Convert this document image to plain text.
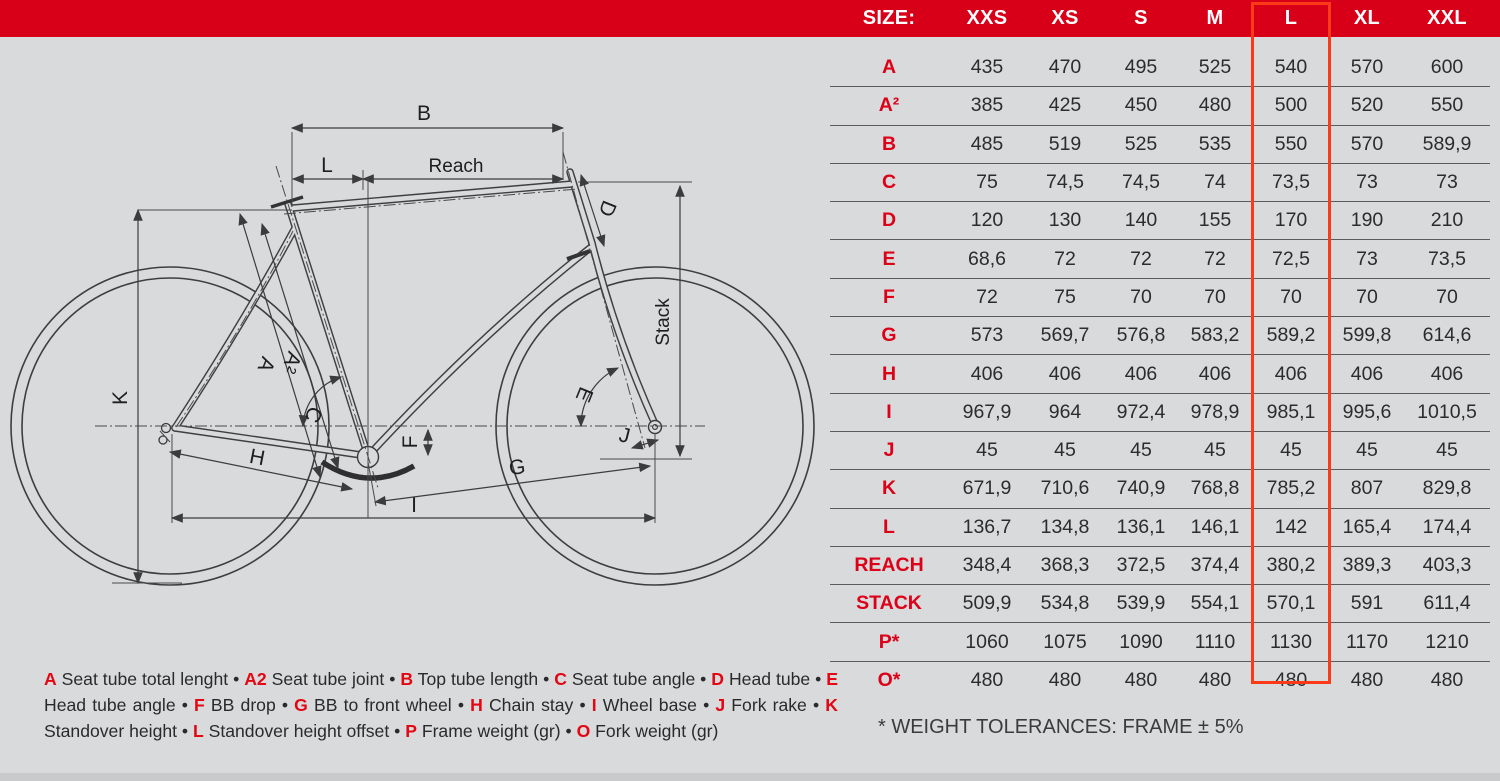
B
L	Reach
D
Stack
K
A
A²
C
E
F	J
H	G
I
SIZE:	XXS	XS	S	M	L	XL	XXL
A	435	470	495	525	540	570	600
A²	385	425	450	480	500	520	550
B	485	519	525	535	550	570	589,9
C	75	74,5	74,5	74	73,5	73	73
D	120	130	140	155	170	190	210
E	68,6	72	72	72	72,5	73	73,5
F	72	75	70	70	70	70	70
G	573	569,7	576,8	583,2	589,2	599,8	614,6
H	406	406	406	406	406	406	406
I	967,9	964	972,4	978,9	985,1	995,6	1010,5
J	45	45	45	45	45	45	45
K	671,9	710,6	740,9	768,8	785,2	807	829,8
L	136,7	134,8	136,1	146,1	142	165,4	174,4
REACH	348,4	368,3	372,5	374,4	380,2	389,3	403,3
STACK	509,9	534,8	539,9	554,1	570,1	591	611,4
P*	1060	1075	1090	1110	1130	1170	1210
O*	480	480	480	480	480	480	480
A Seat tube total lenght • A2 Seat tube joint • B Top tube length • C Seat tube angle • D Head tube • E Head tube angle • F BB drop • G BB to front wheel • H Chain stay • I Wheel base • J Fork rake • K Standover height • L Standover height offset • P Frame weight (gr) • O Fork weight (gr)	* WEIGHT TOLERANCES: FRAME ± 5%
